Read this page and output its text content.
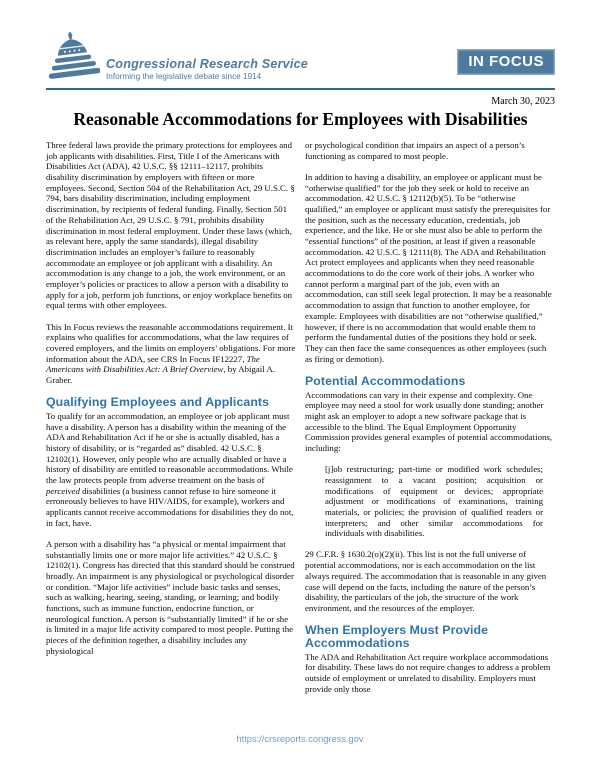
Congressional Research Service
Informing the legislative debate since 1914
IN FOCUS
March 30, 2023
Reasonable Accommodations for Employees with Disabilities

Three federal laws provide the primary protections for employees and job applicants with disabilities. First, Title I of the Americans with Disabilities Act (ADA), 42 U.S.C. §§ 12111–12117, prohibits disability discrimination by employers with fifteen or more employees. Second, Section 504 of the Rehabilitation Act, 29 U.S.C. § 794, bars disability discrimination, including employment discrimination, by recipients of federal funding. Finally, Section 501 of the Rehabilitation Act, 29 U.S.C. § 791, prohibits disability discrimination in most federal employment. Under these laws (which, as relevant here, apply the same standards), illegal disability discrimination includes an employer’s failure to reasonably accommodate an employee or job applicant with a disability. An accommodation is any change to a job, the work environment, or an employer’s policies or practices to allow a person with a disability to apply for a job, perform job functions, or enjoy workplace benefits on equal terms with other employees.

This In Focus reviews the reasonable accommodations requirement. It explains who qualifies for accommodations, what the law requires of covered employers, and the limits on employers’ obligations. For more information about the ADA, see CRS In Focus IF12227, The Americans with Disabilities Act: A Brief Overview, by Abigail A. Graber.

Qualifying Employees and Applicants

To qualify for an accommodation, an employee or job applicant must have a disability. A person has a disability within the meaning of the ADA and Rehabilitation Act if he or she is actually disabled, has a history of disability, or is “regarded as” disabled. 42 U.S.C. § 12102(1). However, only people who are actually disabled or have a history of disability are entitled to reasonable accommodations. While the law protects people from adverse treatment on the basis of perceived disabilities (a business cannot refuse to hire someone it erroneously believes to have HIV/AIDS, for example), workers and applicants cannot receive accommodations for disabilities they do not, in fact, have.

A person with a disability has “a physical or mental impairment that substantially limits one or more major life activities.” 42 U.S.C. § 12102(1). Congress has directed that this standard should be construed broadly. An impairment is any physiological or psychological disorder or condition. “Major life activities” include basic tasks and senses, such as walking, hearing, seeing, standing, or learning; and bodily functions, such as immune function, endocrine function, or neurological function. A person is “substantially limited” if he or she is limited in a major life activity compared to most people. Putting the pieces of the definition together, a disability includes any physiological

or psychological condition that impairs an aspect of a person’s functioning as compared to most people.

In addition to having a disability, an employee or applicant must be “otherwise qualified” for the job they seek or hold to receive an accommodation. 42 U.S.C. § 12112(b)(5). To be “otherwise qualified,” an employee or applicant must satisfy the prerequisites for the position, such as the necessary education, credentials, job experience, and the like. He or she must also be able to perform the “essential functions” of the position, at least if given a reasonable accommodation. 42 U.S.C. § 12111(8). The ADA and Rehabilitation Act protect employees and applicants when they need reasonable accommodations to do the core work of their jobs. A worker who cannot perform a marginal part of the job, even with an accommodation, can still seek legal protection. It may be a reasonable accommodation to assign that function to another employee, for example. Employees with disabilities are not “otherwise qualified,” however, if there is no accommodation that would enable them to perform the fundamental duties of the positions they hold or seek. They can then face the same consequences as other employees (such as firing or demotion).

Potential Accommodations

Accommodations can vary in their expense and complexity. One employee may need a stool for work usually done standing; another might ask an employer to adopt a new software package that is accessible to the blind. The Equal Employment Opportunity Commission provides general examples of potential accommodations, including:

[j]ob restructuring; part-time or modified work schedules; reassignment to a vacant position; acquisition or modifications of equipment or devices; appropriate adjustment or modifications of examinations, training materials, or policies; the provision of qualified readers or interpreters; and other similar accommodations for individuals with disabilities.

29 C.F.R. § 1630.2(o)(2)(ii). This list is not the full universe of potential accommodations, nor is each accommodation on the list always required. The accommodation that is reasonable in any given case will depend on the facts, including the nature of the person’s disability, the particulars of the job, the structure of the work environment, and the resources of the employer.

When Employers Must Provide Accommodations

The ADA and Rehabilitation Act require workplace accommodations for disability. These laws do not require changes to address a problem outside of employment or unrelated to disability. Employers must provide only those

https://crsreports.congress.gov
